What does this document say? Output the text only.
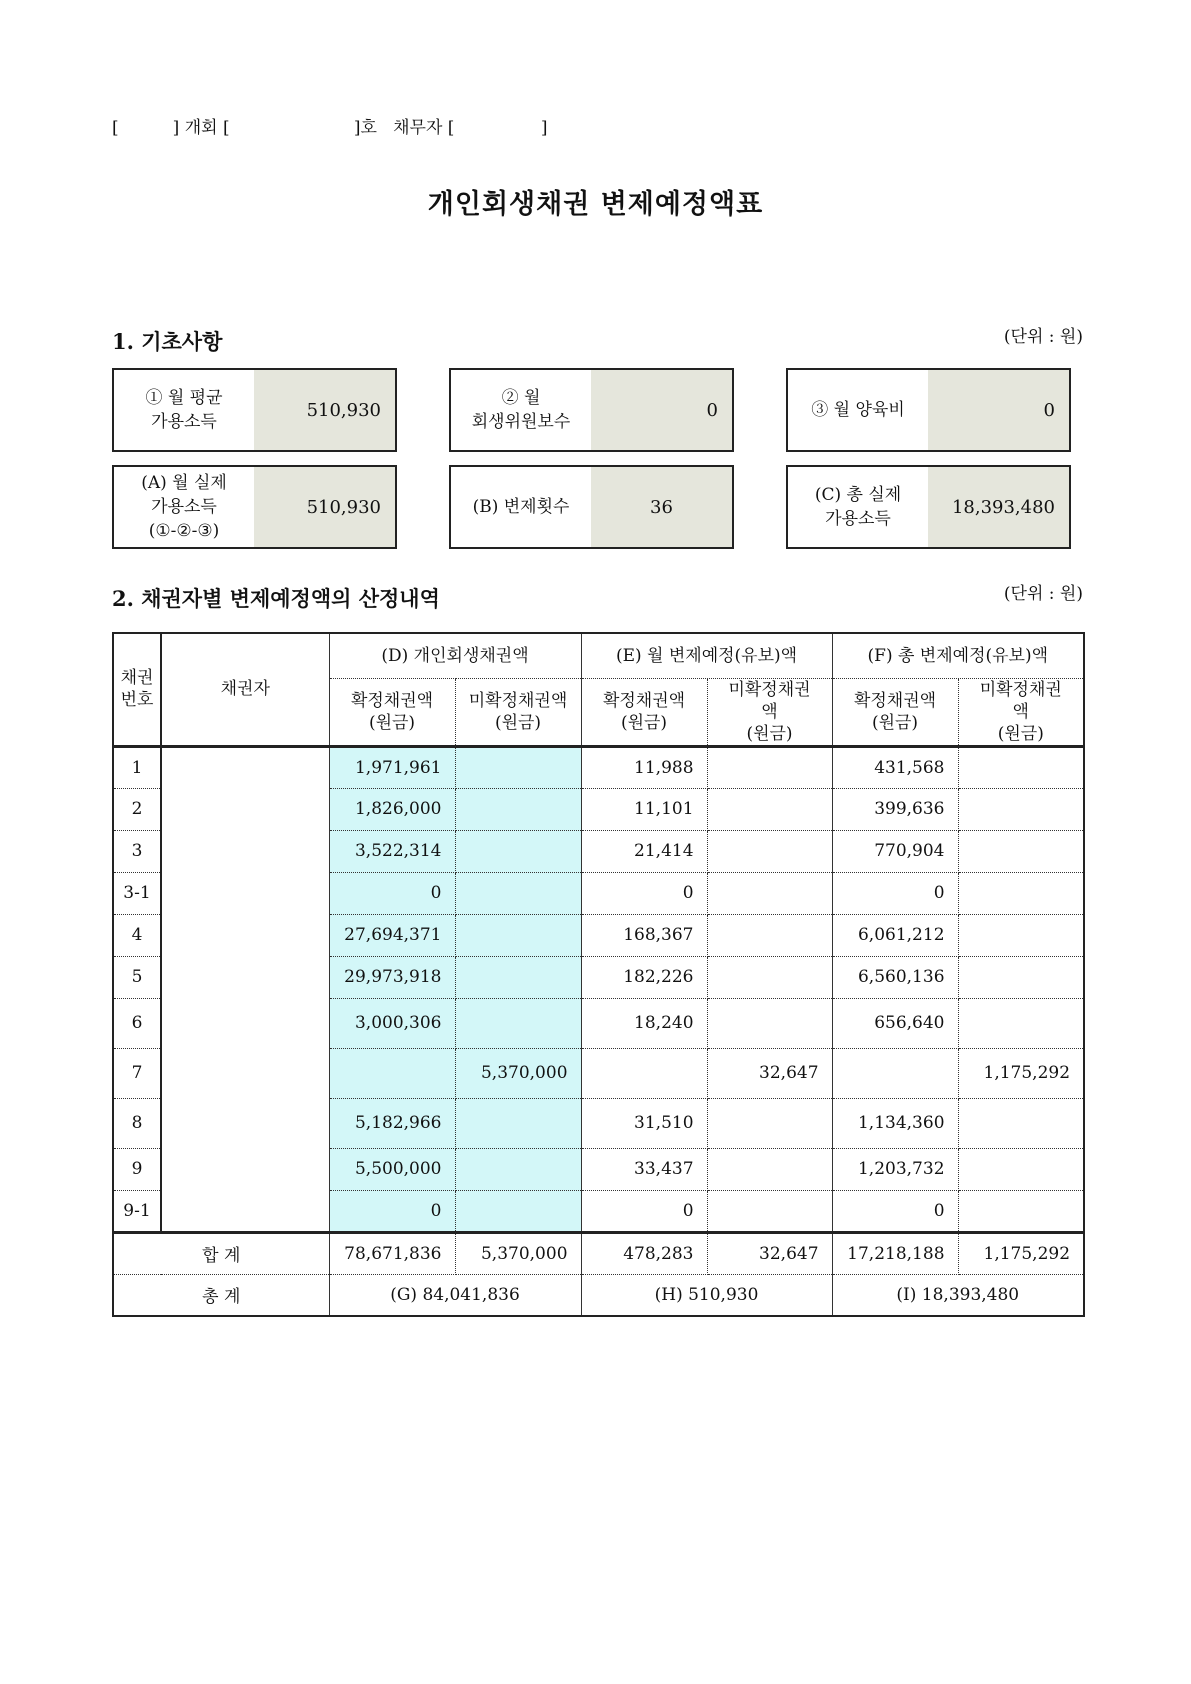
[          ] 개회 [                       ]호   채무자 [                ]
개인회생채권 변제예정액표
1. 기초사항	(단위 : 원)
① 월 평균
가용소득
510,930
② 월
회생위원보수
0	③ 월 양육비	0
(A) 월 실제
가용소득
(①-②-③)
510,930	(B) 변제횟수	36
(C) 총 실제
가용소득
18,393,480
2. 채권자별 변제예정액의 산정내역	(단위 : 원)
채권
번호	채권자	(D) 개인회생채권액		(E) 월 변제예정(유보)액		(F) 총 변제예정(유보)액	
		확정채권액
(원금)	미확정채권액
(원금)	확정채권액
(원금)	미확정채권액
(원금)	확정채권액
(원금)	미확정채권액
(원금)
1		1,971,961		11,988		431,568	
2		1,826,000		11,101		399,636	
3		3,522,314		21,414		770,904	
3-1		0		0		0	
4		27,694,371		168,367		6,061,212	
5		29,973,918		182,226		6,560,136	
6		3,000,306		18,240		656,640	
7			5,370,000		32,647		1,175,292
8		5,182,966		31,510		1,134,360	
9		5,500,000		33,437		1,203,732	
9-1		0		0		0	
합 계		78,671,836	5,370,000	478,283	32,647	17,218,188	1,175,292
총 계		(G) 84,041,836		(H) 510,930		(I) 18,393,480	
